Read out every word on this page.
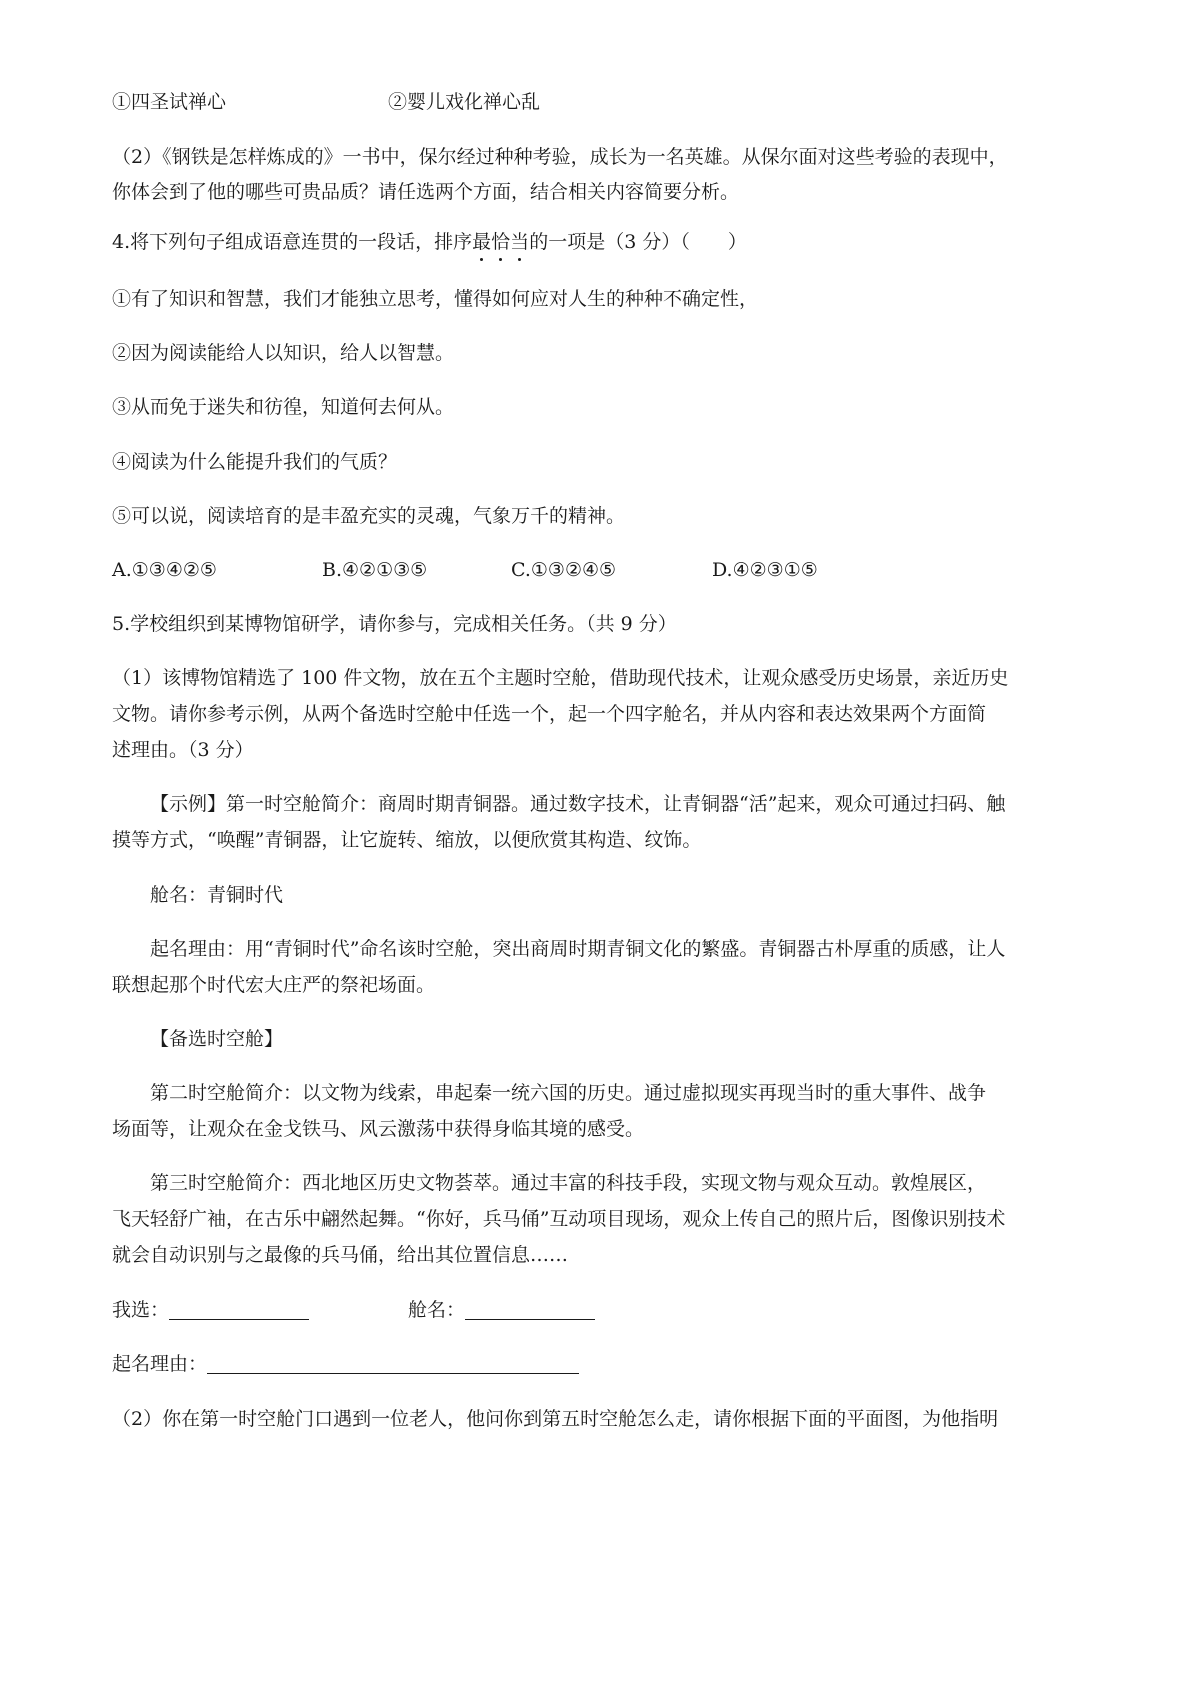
①四圣试禅心	②婴儿戏化禅心乱
（2）《钢铁是怎样炼成的》一书中，保尔经过种种考验，成长为一名英雄。从保尔面对这些考验的表现中，
你体会到了他的哪些可贵品质？请任选两个方面，结合相关内容简要分析。
4.将下列句子组成语意连贯的一段话，排序最恰当的一项是（3 分）（　　）
①有了知识和智慧，我们才能独立思考，懂得如何应对人生的种种不确定性，
②因为阅读能给人以知识，给人以智慧。
③从而免于迷失和彷徨，知道何去何从。
④阅读为什么能提升我们的气质？
⑤可以说，阅读培育的是丰盈充实的灵魂，气象万千的精神。
A.①③④②⑤	B.④②①③⑤	C.①③②④⑤	D.④②③①⑤
5.学校组织到某博物馆研学，请你参与，完成相关任务。（共 9 分）
（1）该博物馆精选了 100 件文物，放在五个主题时空舱，借助现代技术，让观众感受历史场景，亲近历史
文物。请你参考示例，从两个备选时空舱中任选一个，起一个四字舱名，并从内容和表达效果两个方面简
述理由。（3 分）
【示例】第一时空舱简介：商周时期青铜器。通过数字技术，让青铜器“活”起来，观众可通过扫码、触
摸等方式，“唤醒”青铜器，让它旋转、缩放，以便欣赏其构造、纹饰。
舱名：青铜时代
起名理由：用“青铜时代”命名该时空舱，突出商周时期青铜文化的繁盛。青铜器古朴厚重的质感，让人
联想起那个时代宏大庄严的祭祀场面。
【备选时空舱】
第二时空舱简介：以文物为线索，串起秦一统六国的历史。通过虚拟现实再现当时的重大事件、战争
场面等，让观众在金戈铁马、风云激荡中获得身临其境的感受。
第三时空舱简介：西北地区历史文物荟萃。通过丰富的科技手段，实现文物与观众互动。敦煌展区，
飞天轻舒广袖，在古乐中翩然起舞。“你好，兵马俑”互动项目现场，观众上传自己的照片后，图像识别技术
就会自动识别与之最像的兵马俑，给出其位置信息……
我选：	舱名：
起名理由：
（2）你在第一时空舱门口遇到一位老人，他问你到第五时空舱怎么走，请你根据下面的平面图，为他指明
